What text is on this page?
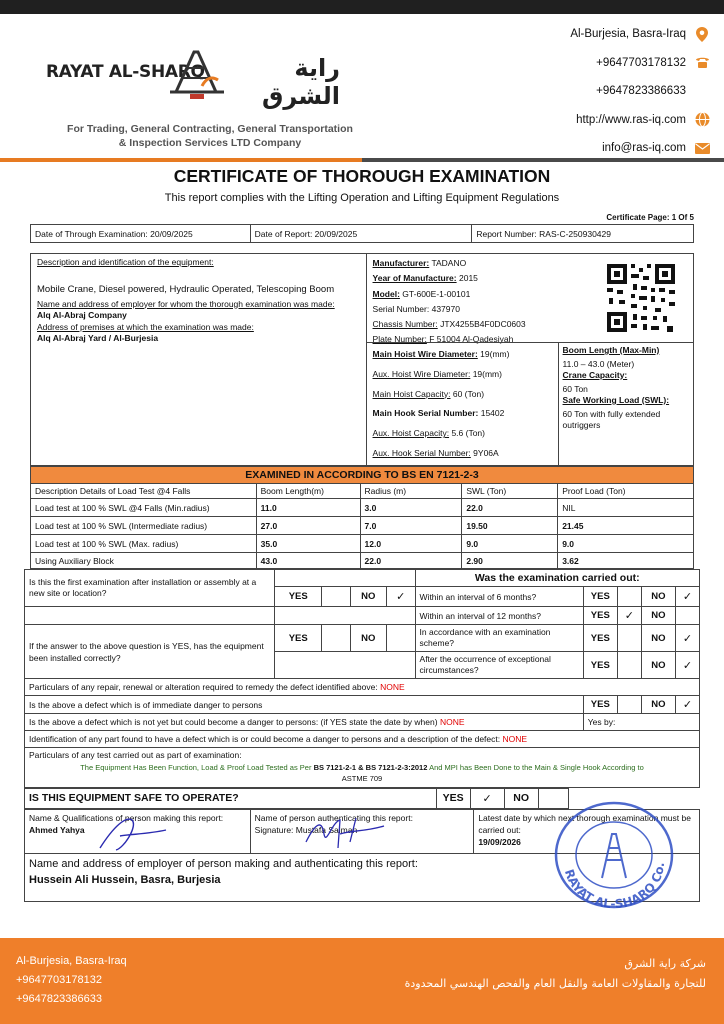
RAYAT AL-SHARQ	راية الشرق
For Trading, General Contracting, General Transportation
& Inspection Services LTD Company
Al-Burjesia, Basra-Iraq
+9647703178132
+9647823386633
http://www.ras-iq.com
info@ras-iq.com
CERTIFICATE OF THOROUGH EXAMINATION
This report complies with the Lifting Operation and Lifting Equipment Regulations
Certificate Page: 1 Of 5
Date of Through Examination: 20/09/2025	Date of Report: 20/09/2025	Report Number: RAS-C-250930429
Description and identification of the equipment:
Mobile Crane, Diesel powered, Hydraulic Operated, Telescoping Boom
Name and address of employer for whom the thorough examination was made:
Alq Al-Abraj Company
Address of premises at which the examination was made:
Alq Al-Abraj Yard / Al-Burjesia

Manufacturer: TADANO
Year of Manufacture: 2015
Model: GT-600E-1-00101
Serial Number: 437970
Chassis Number: JTX4255B4F0DC0603
Plate Number: F 51004 Al-Qadesiyah
Main Hoist Wire Diameter: 19(mm)
Aux. Hoist Wire Diameter: 19(mm)
Main Hoist Capacity: 60 (Ton)
Main Hook Serial Number: 15402
Aux. Hoist Capacity: 5.6 (Ton)
Aux. Hook Serial Number: 9Y06A
Boom Length (Max-Min)
11.0 – 43.0 (Meter)
Crane Capacity:
60 Ton
Safe Working Load (SWL):
60 Ton with fully extended outriggers
EXAMINED IN ACCORDING TO BS EN 7121-2-3				
Description Details of Load Test @4 Falls	Boom Length(m)	Radius (m)	SWL (Ton)	Proof Load (Ton)
Load test at 100 % SWL @4 Falls (Min.radius)	11.0	3.0	22.0	NIL
Load test at 100 % SWL (Intermediate radius)	27.0	7.0	19.50	21.45
Load test at 100 % SWL (Max. radius)	35.0	12.0	9.0	9.0
Using Auxiliary Block	43.0	22.0	2.90	3.62
Is this the first examination after installation or assembly at a new site or location?					Was the examination carried out:				
	YES		NO	✓	Within an interval of 6 months?	YES		NO	✓
					Within an interval of 12 months?	YES	✓	NO	
If the answer to the above question is YES, has the equipment been installed correctly?	YES		NO		In accordance with an examination scheme?	YES		NO	✓
					After the occurrence of exceptional circumstances?	YES		NO	✓
Particulars of any repair, renewal or alteration required to remedy the defect identified above: NONE									
Is the above a defect which is of immediate danger to persons						YES		NO	✓
Is the above a defect which is not yet but could become a danger to persons: (if YES state the date by when) NONE						Yes by:			
Identification of any part found to have a defect which is or could become a danger to persons and a description of the defect: NONE									

Particulars of any test carried out as part of examination:
The Equipment Has Been Function, Load & Proof Load Tested as Per BS 7121-2-1 & BS 7121-2-3:2012 And MPI has Been Done to the Main & Single Hook According to
ASTME 709									
IS THIS EQUIPMENT SAFE TO OPERATE?	YES	✓	NO		
Name & Qualifications of person making this report:
Ahmed Yahya

Name of person authenticating this report:
Signature: Mustafa Salman

Latest date by which next thorough examination must be carried out:
19/09/2026

Name and address of employer of person making and authenticating this report:
Hussein Ali Hussein, Basra, Burjesia	RAYAT AL-SHARQ Co.
Al-Burjesia, Basra-Iraq
+9647703178132
+9647823386633
شركة راية الشرق
للتجارة والمقاولات العامة والنقل العام والفحص الهندسي المحدودة
